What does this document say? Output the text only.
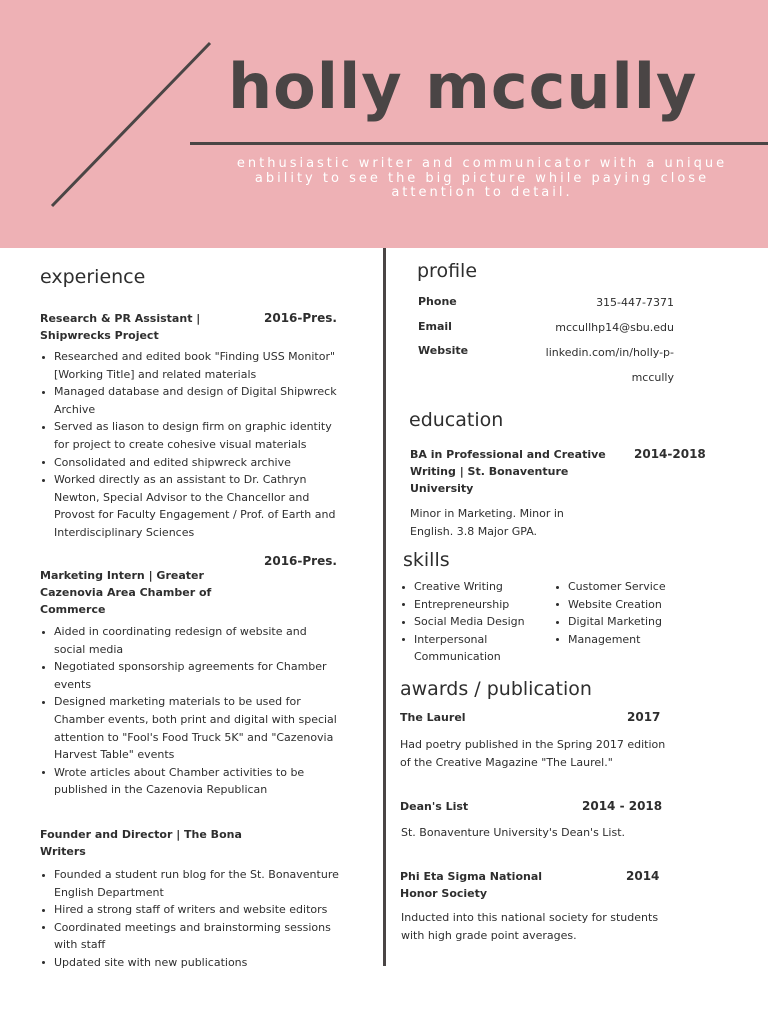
holly mccully
enthusiastic writer and communicator with a unique ability to see the big picture while paying close attention to detail.
experience
Research & PR Assistant | Shipwrecks Project
2016-Pres.
Researched and edited book "Finding USS Monitor" [Working Title] and related materials
Managed database and design of Digital Shipwreck Archive
Served as liason to design firm on graphic identity for project to create cohesive visual materials
Consolidated and edited shipwreck archive
Worked directly as an assistant to Dr. Cathryn Newton, Special Advisor to the Chancellor and Provost for Faculty Engagement / Prof. of Earth and Interdisciplinary Sciences
2016-Pres.
Marketing Intern | Greater Cazenovia Area Chamber of Commerce
Aided in coordinating redesign of website and social media
Negotiated sponsorship agreements for Chamber events
Designed marketing materials to be used for Chamber events, both print and digital with special attention to "Fool's Food Truck 5K" and "Cazenovia Harvest Table" events
Wrote articles about Chamber activities to be published in the Cazenovia Republican
Founder and Director | The Bona Writers
Founded a student run blog for the St. Bonaventure English Department
Hired a strong staff of writers and website editors
Coordinated meetings and brainstorming sessions with staff
Updated site with new publications
profile
Phone	315-447-7371
Email	mccullhp14@sbu.edu
Website	linkedin.com/in/holly-p-mccully
education
BA in Professional and Creative Writing | St. Bonaventure University
2014-2018
Minor in Marketing. Minor in English. 3.8 Major GPA.
skills
Creative Writing
Entrepreneurship
Social Media Design
Interpersonal Communication
Customer Service
Website Creation
Digital Marketing
Management
awards / publication
The Laurel	2017
Had poetry published in the Spring 2017 edition of the Creative Magazine "The Laurel."
Dean's List	2014 - 2018
St. Bonaventure University's Dean's List.
Phi Eta Sigma National Honor Society
2014
Inducted into this national society for students with high grade point averages.
